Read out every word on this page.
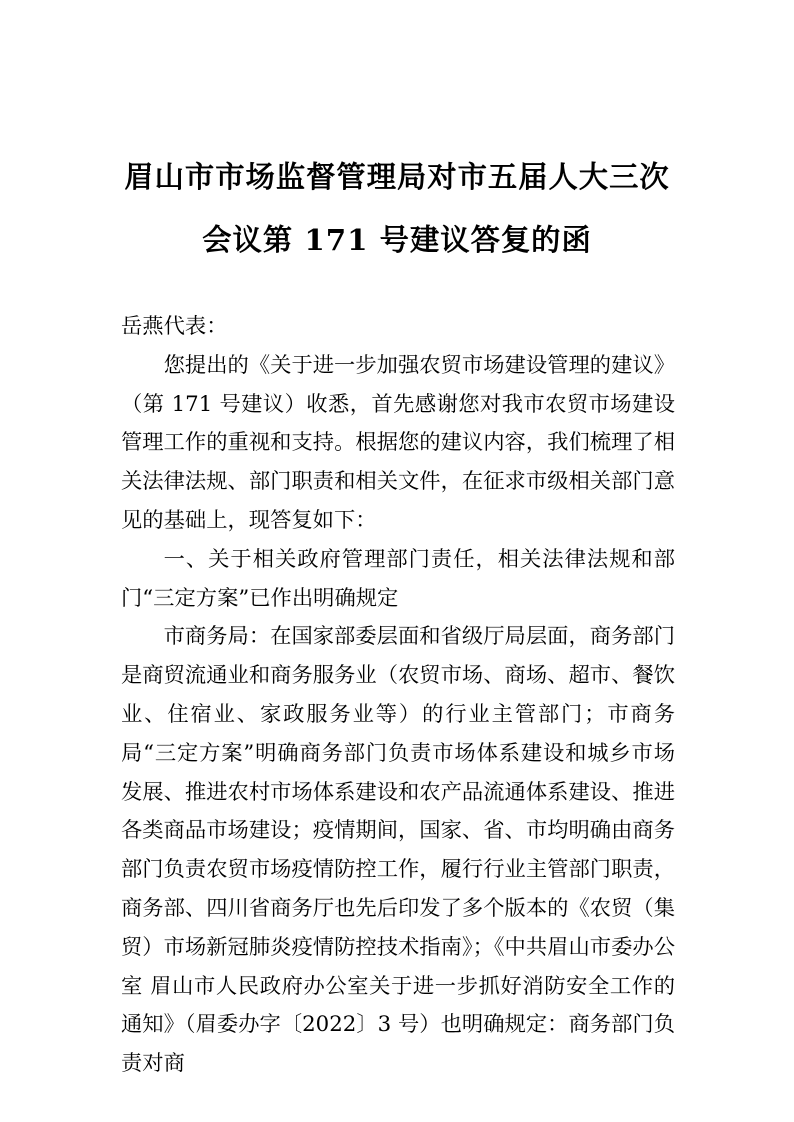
眉山市市场监督管理局对市五届人大三次
会议第 171 号建议答复的函

岳燕代表：

您提出的《关于进一步加强农贸市场建设管理的建议》（第 171 号建议）收悉，首先感谢您对我市农贸市场建设管理工作的重视和支持。根据您的建议内容，我们梳理了相关法律法规、部门职责和相关文件，在征求市级相关部门意见的基础上，现答复如下：

一、关于相关政府管理部门责任，相关法律法规和部门“三定方案”已作出明确规定

市商务局：在国家部委层面和省级厅局层面，商务部门是商贸流通业和商务服务业（农贸市场、商场、超市、餐饮业、住宿业、家政服务业等）的行业主管部门；市商务局“三定方案”明确商务部门负责市场体系建设和城乡市场发展、推进农村市场体系建设和农产品流通体系建设、推进各类商品市场建设；疫情期间，国家、省、市均明确由商务部门负责农贸市场疫情防控工作，履行行业主管部门职责，商务部、四川省商务厅也先后印发了多个版本的《农贸（集贸）市场新冠肺炎疫情防控技术指南》；《中共眉山市委办公室 眉山市人民政府办公室关于进一步抓好消防安全工作的通知》（眉委办字〔2022〕3 号）也明确规定：商务部门负责对商
